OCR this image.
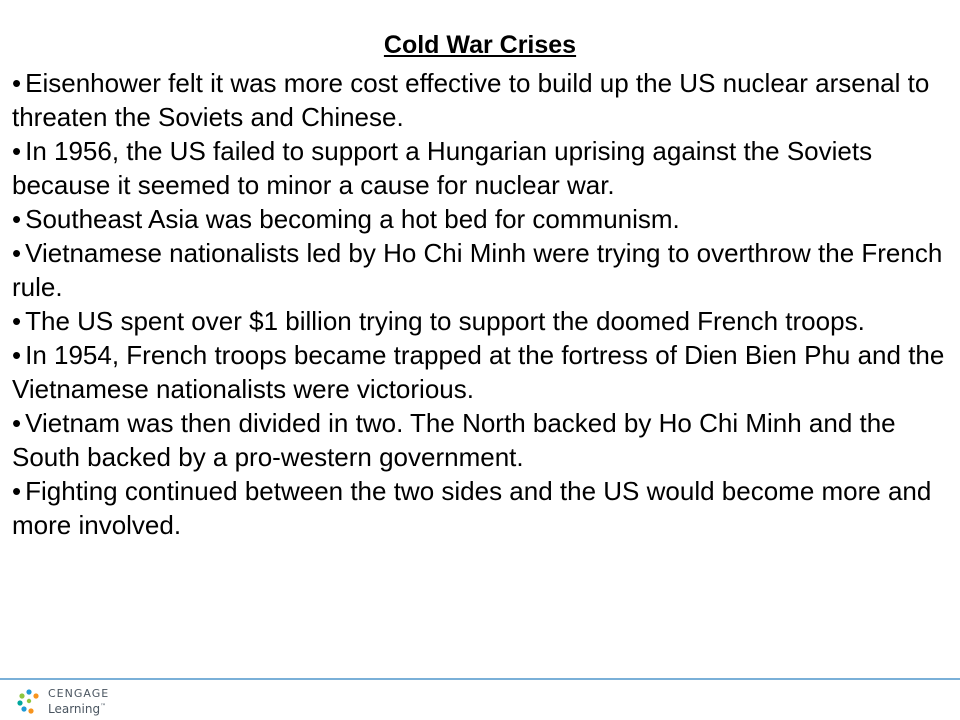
Cold War Crises
• Eisenhower felt it was more cost effective to build up the US nuclear arsenal to threaten the Soviets and Chinese.
• In 1956, the US failed to support a Hungarian uprising against the Soviets because it seemed to minor a cause for nuclear war.
• Southeast Asia was becoming a hot bed for communism.
• Vietnamese nationalists led by Ho Chi Minh were trying to overthrow the French rule.
• The US spent over $1 billion trying to support the doomed French troops.
• In 1954, French troops became trapped at the fortress of Dien Bien Phu and the Vietnamese nationalists were victorious.
• Vietnam was then divided in two. The North backed by Ho Chi Minh and the South backed by a pro-western government.
• Fighting continued between the two sides and the US would become more and more involved.
CENGAGE
Learning™
